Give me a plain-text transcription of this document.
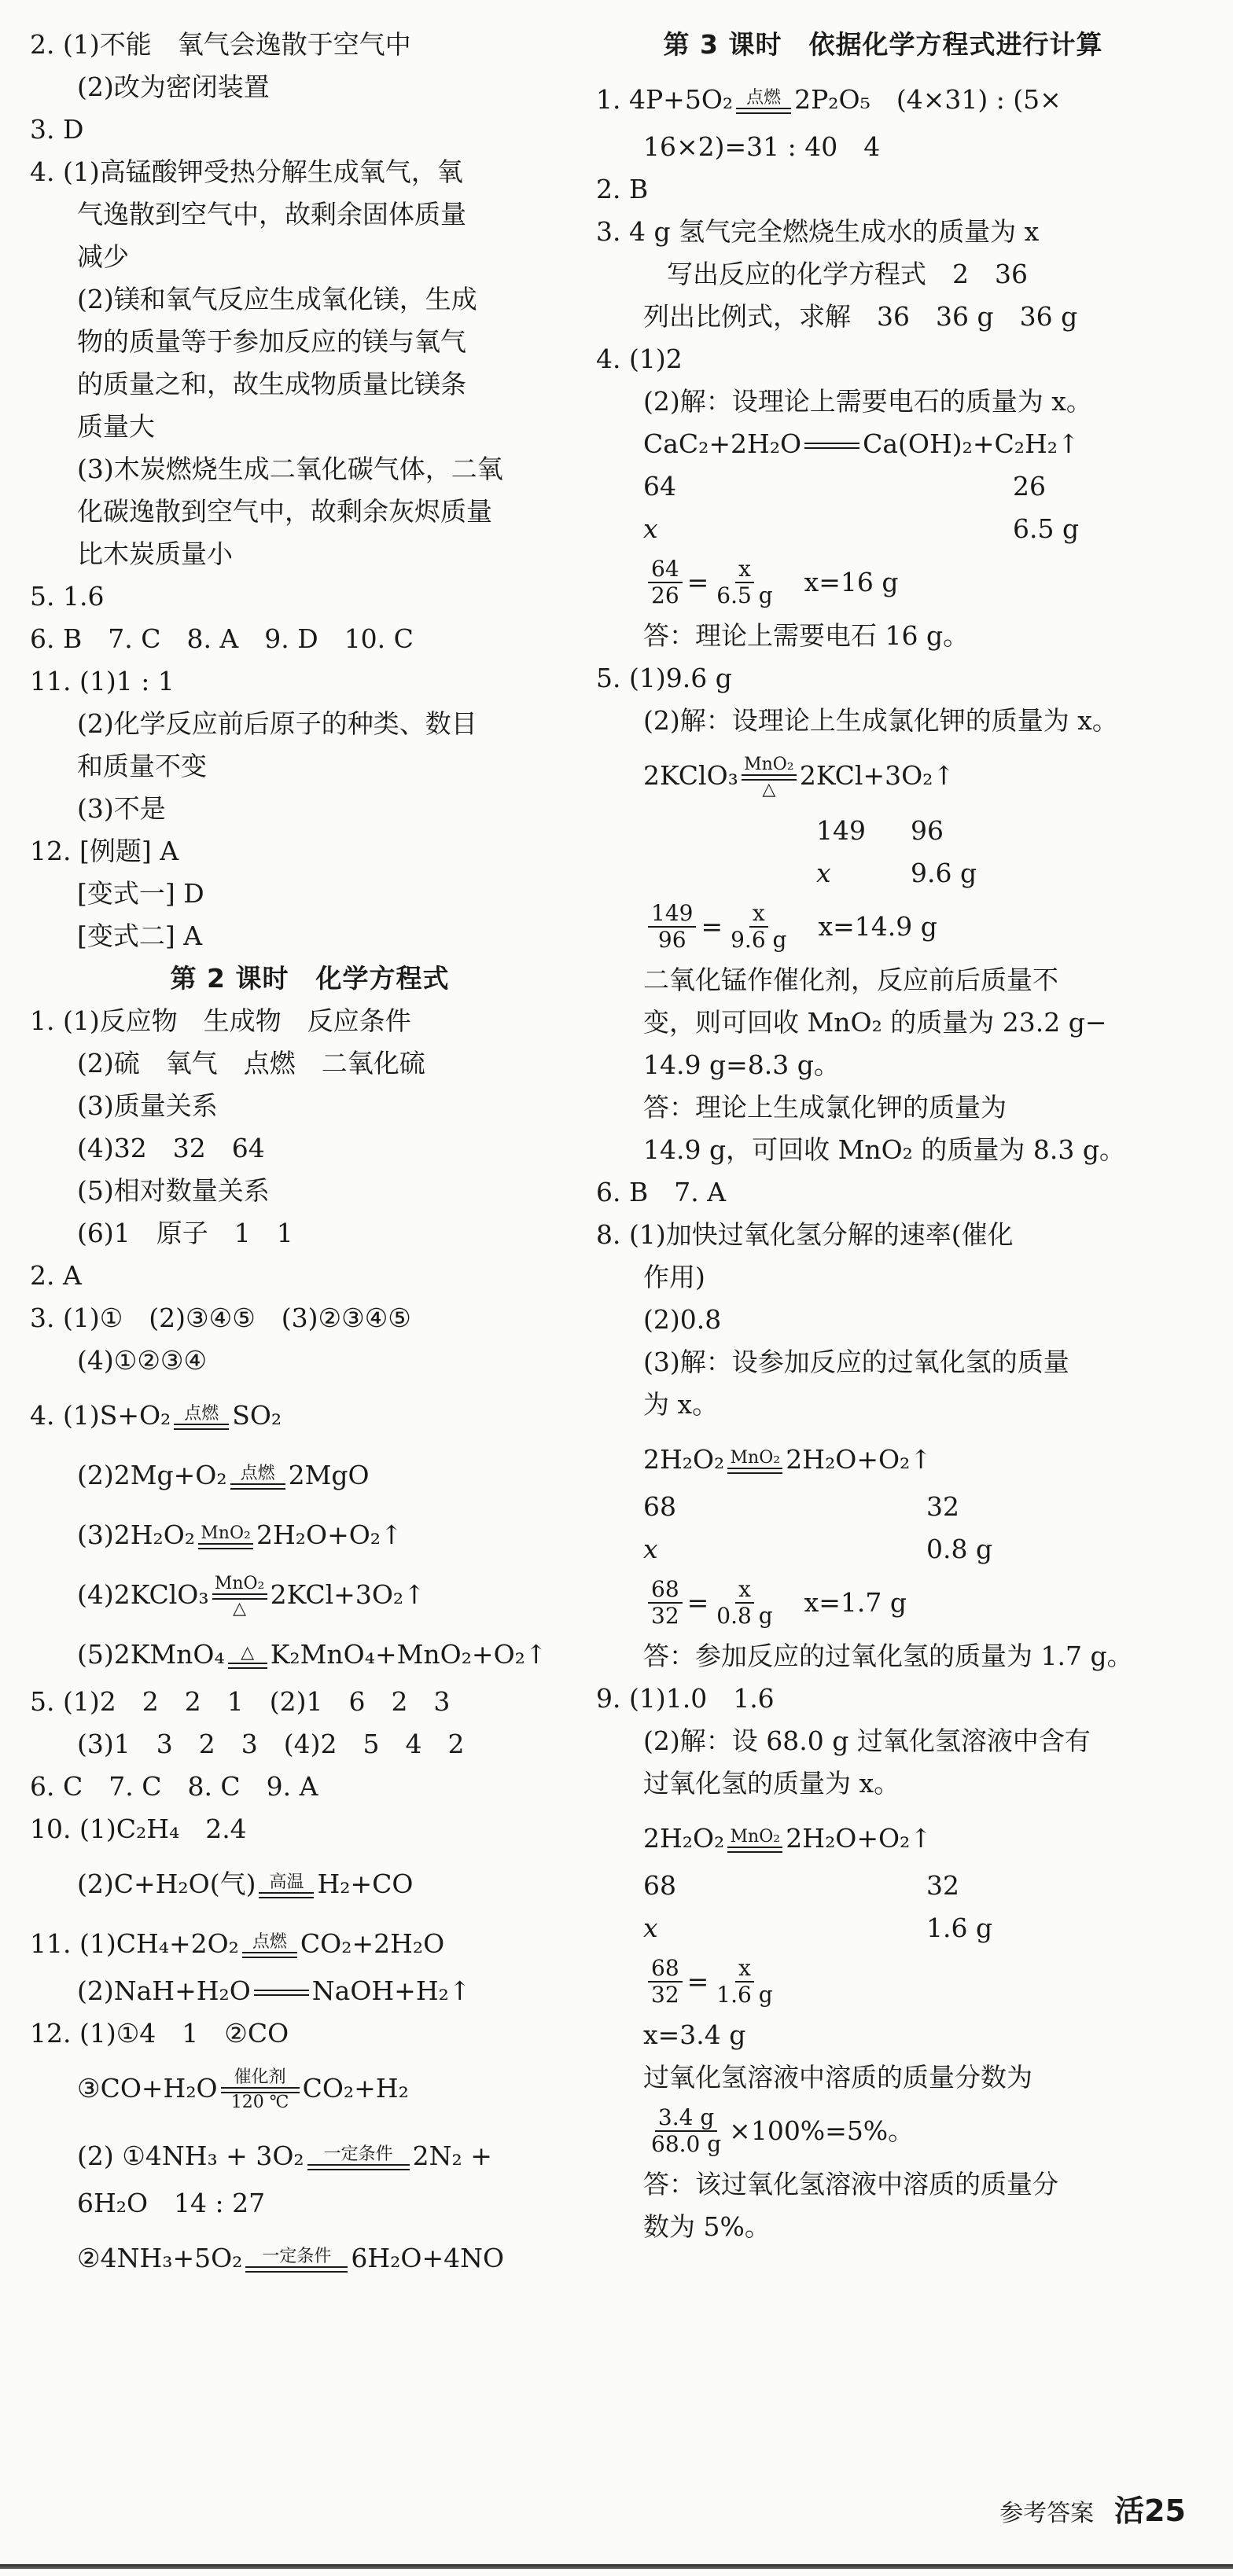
2. (1)不能　氧气会逸散于空气中
(2)改为密闭装置
3. D
4. (1)高锰酸钾受热分解生成氧气，氧
气逸散到空气中，故剩余固体质量
减少
(2)镁和氧气反应生成氧化镁，生成
物的质量等于参加反应的镁与氧气
的质量之和，故生成物质量比镁条
质量大
(3)木炭燃烧生成二氧化碳气体，二氧
化碳逸散到空气中，故剩余灰烬质量
比木炭质量小
5. 1.6
6. B　7. C　8. A　9. D　10. C
11. (1)1 : 1
(2)化学反应前后原子的种类、数目
和质量不变
(3)不是
12. [例题] A
[变式一] D
[变式二] A
第 2 课时　化学方程式
1. (1)反应物　生成物　反应条件
(2)硫　氧气　点燃　二氧化硫
(3)质量关系
(4)32　32　64
(5)相对数量关系
(6)1　原子　1　1
2. A
3. (1)①　(2)③④⑤　(3)②③④⑤
(4)①②③④
4. (1)S+O₂ 点燃 SO₂
(2)2Mg+O₂ 点燃 2MgO
(3)2H₂O₂ MnO₂ 2H₂O+O₂↑
(4)2KClO₃ MnO₂
△ 2KCl+3O₂↑
(5)2KMnO₄ △ K₂MnO₄+MnO₂+O₂↑
5. (1)2　2　2　1　(2)1　6　2　3
(3)1　3　2　3　(4)2　5　4　2
6. C　7. C　8. C　9. A
10. (1)C₂H₄　2.4
(2)C+H₂O(气) 高温 H₂+CO
11. (1)CH₄+2O₂ 点燃 CO₂+2H₂O
(2)NaH+H₂O NaOH+H₂↑
12. (1)①4　1　②CO
③CO+H₂O 催化剂
120 ℃ CO₂+H₂
(2) ①4NH₃ + 3O₂ 一定条件 2N₂ +
6H₂O　14 : 27
②4NH₃+5O₂ 一定条件 6H₂O+4NO
第 3 课时　依据化学方程式进行计算
1. 4P+5O₂ 点燃 2P₂O₅　(4×31) : (5×
16×2)=31 : 40　4
2. B
3. 4 g 氢气完全燃烧生成水的质量为 x
写出反应的化学方程式　2　36
列出比例式，求解　36　36 g　36 g
4. (1)2
(2)解：设理论上需要电石的质量为 x。
CaC₂+2H₂O Ca(OH)₂+C₂H₂↑
64	26
x	6.5 g
$\frac{64}{26} = \frac{x}{6.5 g} x=16$ g
答：理论上需要电石 16 g。
5. (1)9.6 g
(2)解：设理论上生成氯化钾的质量为 x。
2KClO₃ MnO₂
△ 2KCl+3O₂↑
149 96
x	9.6 g
$\frac{149}{96} = \frac{x}{9.6 g} x=14.9$ g
二氧化锰作催化剂，反应前后质量不
变，则可回收 MnO₂ 的质量为 23.2 g−
14.9 g=8.3 g。
答：理论上生成氯化钾的质量为
14.9 g，可回收 MnO₂ 的质量为 8.3 g。
6. B　7. A
8. (1)加快过氧化氢分解的速率(催化
作用)
(2)0.8
(3)解：设参加反应的过氧化氢的质量
为 x。
2H₂O₂ MnO₂ 2H₂O+O₂↑
68	32
x	0.8 g
$\frac{68}{32} = \frac{x}{0.8 g} x=1.7$ g
答：参加反应的过氧化氢的质量为 1.7 g。
9. (1)1.0　1.6
(2)解：设 68.0 g 过氧化氢溶液中含有
过氧化氢的质量为 x。
2H₂O₂ MnO₂ 2H₂O+O₂↑
68	32
x	1.6 g
$\frac{68}{32} = \frac{x}{1.6 g}$
x=3.4 g
过氧化氢溶液中溶质的质量分数为
$\frac{3.4 g}{68.0 g} \times 100\%=5\%$。
答：该过氧化氢溶液中溶质的质量分
数为 5%。
参考答案 活25
